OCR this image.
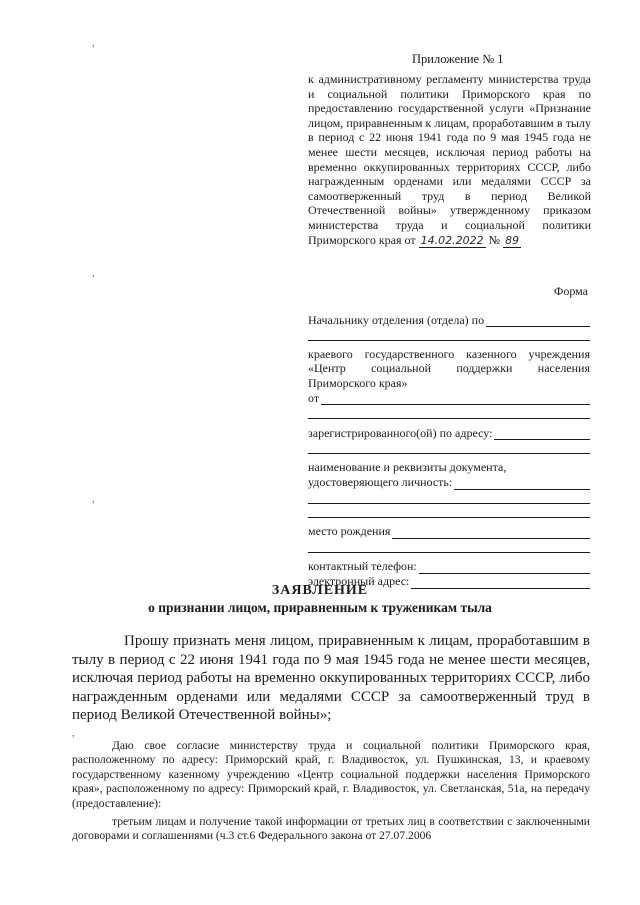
,
,
,
,
Приложение № 1
к административному регламенту министерства труда и социальной политики Приморского края по предоставлению государственной услуги «Признание лицом, приравненным к лицам, проработавшим в тылу в период с 22 июня 1941 года по 9 мая 1945 года не менее шести месяцев, исключая период работы на временно оккупированных территориях СССР, либо награжденным орденами или медалями СССР за самоотверженный труд в период Великой Отечественной войны» утвержденному приказом министерства труда и социальной политики Приморского края от 14.02.2022 № 89
Форма
Начальнику отделения (отдела) по
краевого государственного казенного учреждения «Центр социальной поддержки населения Приморского края»
от
зарегистрированного(ой) по адресу:
наименование и реквизиты документа,
удостоверяющего личность:
место рождения
контактный телефон:
электронный адрес:
ЗАЯВЛЕНИЕ
о признании лицом, приравненным к труженикам тыла
Прошу признать меня лицом, приравненным к лицам, проработавшим в тылу в период с 22 июня 1941 года по 9 мая 1945 года не менее шести месяцев, исключая период работы на временно оккупированных территориях СССР, либо награжденным орденами или медалями СССР за самоотверженный труд в период Великой Отечественной войны»;
Даю свое согласие министерству труда и социальной политики Приморского края, расположенному по адресу: Приморский край, г. Владивосток, ул. Пушкинская, 13, и краевому государственному казенному учреждению «Центр социальной поддержки населения Приморского края», расположенному по адресу: Приморский край, г. Владивосток, ул. Светланская, 51а, на передачу (предоставление):
третьим лицам и получение такой информации от третьих лиц в соответствии с заключенными договорами и соглашениями (ч.3 ст.6 Федерального закона от 27.07.2006
